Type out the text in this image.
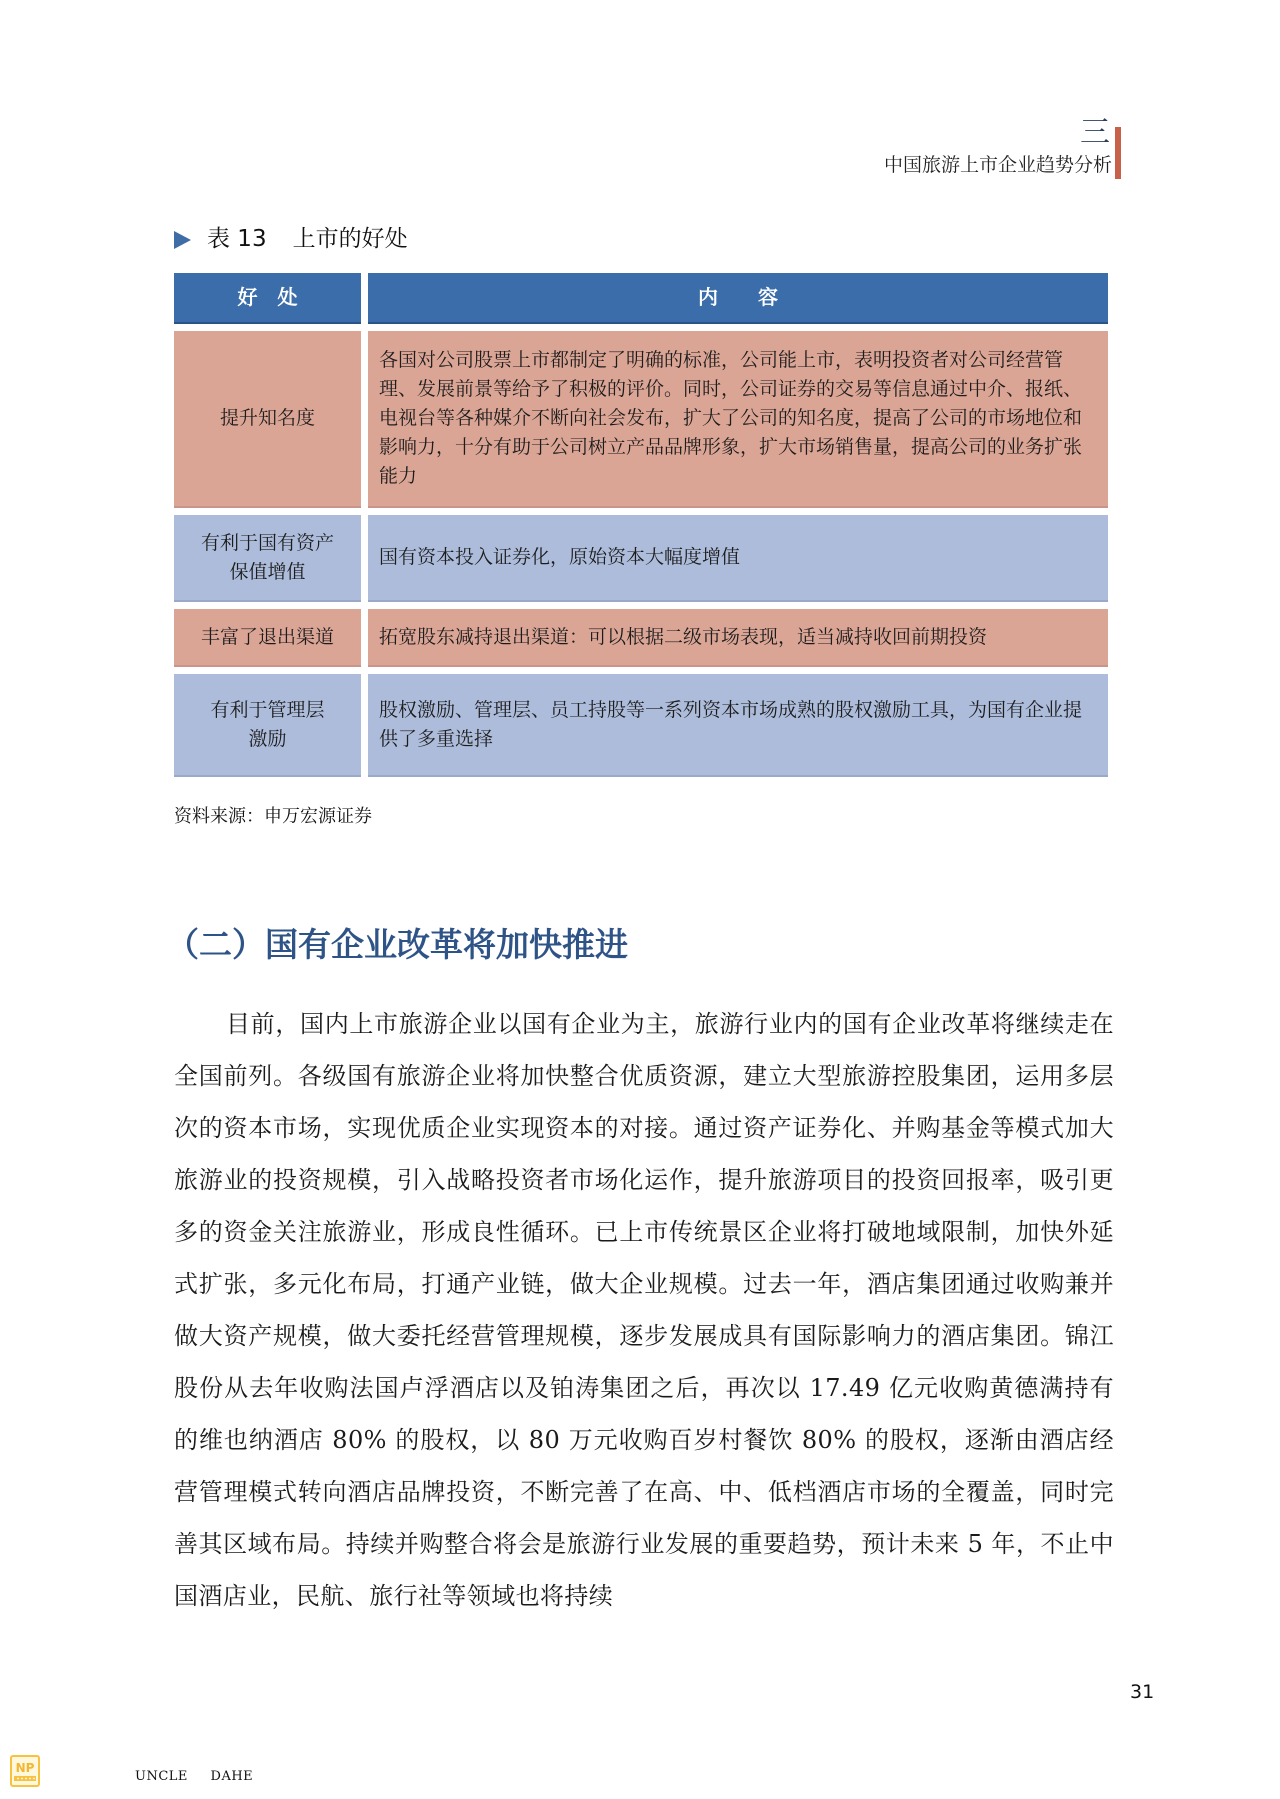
三
中国旅游上市企业趋势分析
表 13 上市的好处
好　处	内　　容
提升知名度
各国对公司股票上市都制定了明确的标准，公司能上市，表明投资者对公司经营管理、发展前景等给予了积极的评价。同时，公司证券的交易等信息通过中介、报纸、电视台等各种媒介不断向社会发布，扩大了公司的知名度，提高了公司的市场地位和影响力，十分有助于公司树立产品品牌形象，扩大市场销售量，提高公司的业务扩张能力
有利于国有资产保值增值
国有资本投入证券化，原始资本大幅度增值
丰富了退出渠道	拓宽股东减持退出渠道：可以根据二级市场表现，适当减持收回前期投资
有利于管理层激励
股权激励、管理层、员工持股等一系列资本市场成熟的股权激励工具，为国有企业提供了多重选择
资料来源：申万宏源证券
（二）国有企业改革将加快推进

目前，国内上市旅游企业以国有企业为主，旅游行业内的国有企业改革将继续走在全国前列。各级国有旅游企业将加快整合优质资源，建立大型旅游控股集团，运用多层次的资本市场，实现优质企业实现资本的对接。通过资产证券化、并购基金等模式加大旅游业的投资规模，引入战略投资者市场化运作，提升旅游项目的投资回报率，吸引更多的资金关注旅游业，形成良性循环。已上市传统景区企业将打破地域限制，加快外延式扩张，多元化布局，打通产业链，做大企业规模。过去一年，酒店集团通过收购兼并做大资产规模，做大委托经营管理规模，逐步发展成具有国际影响力的酒店集团。锦江股份从去年收购法国卢浮酒店以及铂涛集团之后，再次以 17.49 亿元收购黄德满持有的维也纳酒店 80% 的股权，以 80 万元收购百岁村餐饮 80% 的股权，逐渐由酒店经营管理模式转向酒店品牌投资，不断完善了在高、中、低档酒店市场的全覆盖，同时完善其区域布局。持续并购整合将会是旅游行业发展的重要趋势，预计未来 5 年，不止中国酒店业，民航、旅行社等领域也将持续

31
NP
UNCLE DAHE
